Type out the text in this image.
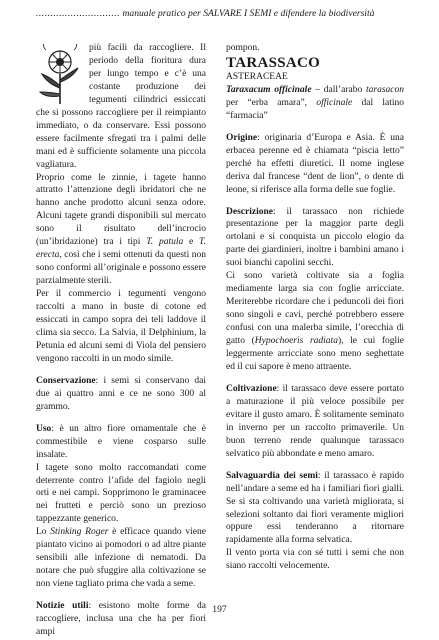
............................. manuale pratico per SALVARE I SEMI e difendere la biodiversità

più facili da raccogliere. Il periodo della fioritura dura per lungo tempo e c’è una costante produzione dei tegumenti cilindrici essiccati che si possono raccogliere per il reimpianto immediato, o da conservare. Essi possono essere facilmente sfregati tra i palmi delle mani ed è sufficiente solamente una piccola vagliatura.

Proprio come le zinnie, i tagete hanno attratto l’attenzione degli ibridatori che ne hanno anche prodotto alcuni senza odore. Alcuni tagete grandi disponibili sul mercato sono il risultato dell’incrocio (un’ibridazione) tra i tipi T. patula e T. erecta, così che i semi ottenuti da questi non sono conformi all’originale e possono essere parzialmente sterili.

Per il commercio i tegumenti vengono raccolti a mano in buste di cotone ed essiccati in campo sopra dei teli laddove il clima sia secco. La Salvia, il Delphinium, la Petunia ed alcuni semi di Viola del pensiero vengono raccolti in un modo simile.

Conservazione: i semi si conservano dai due ai quattro anni e ce ne sono 300 al grammo.

Uso: è un altro fiore ornamentale che è commestibile e viene cosparso sulle insalate.

I tagete sono molto raccomandati come deterrente contro l’afide del fagiolo negli orti e nei campi. Sopprimono le graminacee nei frutteti e perciò sono un prezioso tappezzante generico.

Lo Stinking Roger è efficace quando viene piantato vicino ai pomodori o ad altre piante sensibili alle infezione di nematodi. Da notare che può sfuggire alla coltivazione se non viene tagliato prima che vada a seme.

Notizie utili: esistono molte forme da raccogliere, inclusa una che ha per fiori ampi

pompon.

TARASSACO

ASTERACEAE

Taraxacum officinale – dall’arabo tarasacon per “erba amara”, officinale dal latino “farmacia”

Origine: originaria d’Europa e Asia. È una erbacea perenne ed è chiamata “piscia letto” perché ha effetti diuretici. Il nome inglese deriva dal francese “dent de lion”, o dente di leone, si riferisce alla forma delle sue foglie.

Descrizione: il tarassaco non richiede presentazione per la maggior parte degli ortolani e si conquista un piccolo elogio da parte dei giardinieri, inoltre i bambini amano i suoi bianchi capolini secchi.

Ci sono varietà coltivate sia a foglia mediamente larga sia con foglie arricciate. Meriterebbe ricordare che i peduncoli dei fiori sono singoli e cavi, perché potrebbero essere confusi con una malerba simile, l’orecchia di gatto (Hypochoeris radiata), le cui foglie leggermente arricciate sono meno seghettate ed il cui sapore è meno attraente.

Coltivazione: il tarassaco deve essere portato a maturazione il più veloce possibile per evitare il gusto amaro. È solitamente seminato in inverno per un raccolto primaverile. Un buon terreno rende qualunque tarassaco selvatico più abbondate e meno amaro.

Salvaguardia dei semi: il tarassaco è rapido nell’andare a seme ed ha i familiari fiori gialli. Se si sta coltivando una varietà migliorata, si selezioni soltanto dai fiori veramente migliori oppure essi tenderanno a ritornare rapidamente alla forma selvatica.

Il vento porta via con sé tutti i semi che non siano raccolti velocemente.

197
